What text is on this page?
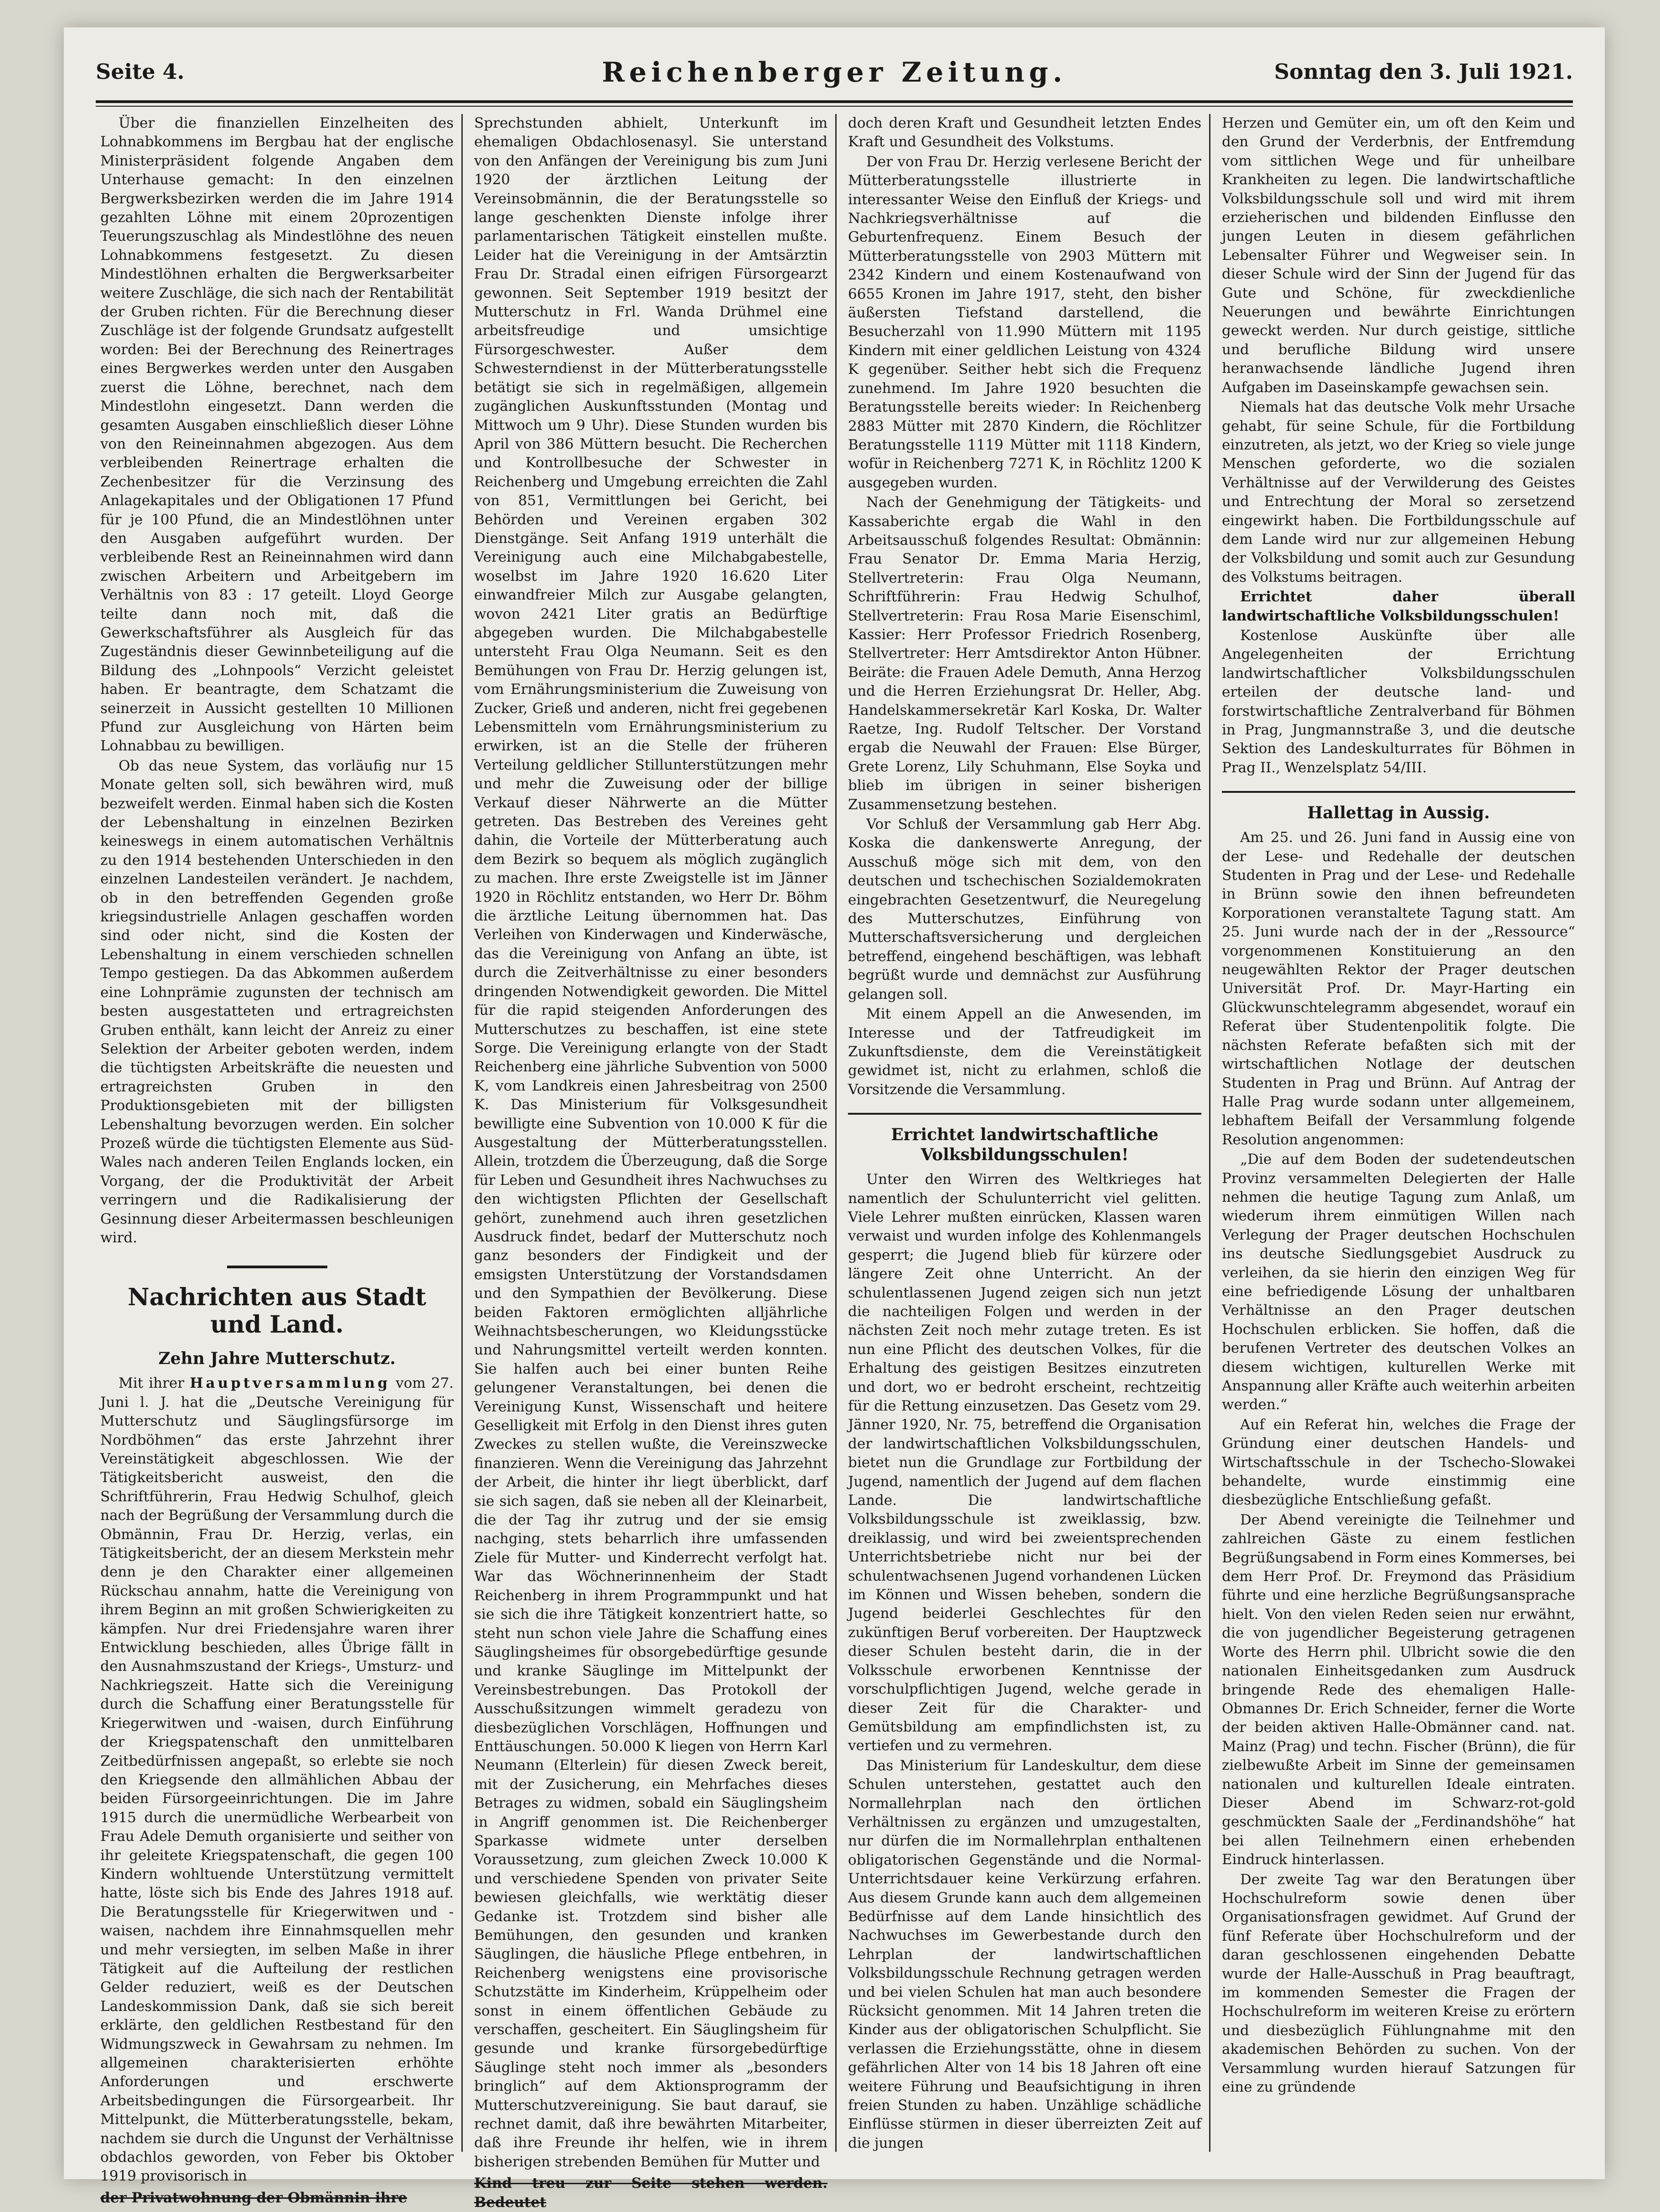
Seite 4.	Reichenberger Zeitung.	Sonntag den 3. Juli 1921.

Über die finanziellen Einzelheiten des Lohnabkommens im Bergbau hat der englische Ministerpräsident folgende Angaben dem Unterhause gemacht: In den einzelnen Bergwerksbezirken werden die im Jahre 1914 gezahlten Löhne mit einem 20prozentigen Teuerungszuschlag als Mindestlöhne des neuen Lohnabkommens festgesetzt. Zu diesen Mindestlöhnen erhalten die Bergwerksarbeiter weitere Zuschläge, die sich nach der Rentabilität der Gruben richten. Für die Berechnung dieser Zuschläge ist der folgende Grundsatz aufgestellt worden: Bei der Berechnung des Reinertrages eines Bergwerkes werden unter den Ausgaben zuerst die Löhne, berechnet, nach dem Mindestlohn eingesetzt. Dann werden die gesamten Ausgaben einschließlich dieser Löhne von den Reineinnahmen abgezogen. Aus dem verbleibenden Reinertrage erhalten die Zechenbesitzer für die Verzinsung des Anlagekapitales und der Obligationen 17 Pfund für je 100 Pfund, die an Mindestlöhnen unter den Ausgaben aufgeführt wurden. Der verbleibende Rest an Reineinnahmen wird dann zwischen Arbeitern und Arbeitgebern im Verhältnis von 83 : 17 geteilt. Lloyd George teilte dann noch mit, daß die Gewerkschaftsführer als Ausgleich für das Zugeständnis dieser Gewinnbeteiligung auf die Bildung des „Lohnpools“ Verzicht geleistet haben. Er beantragte, dem Schatzamt die seinerzeit in Aussicht gestellten 10 Millionen Pfund zur Ausgleichung von Härten beim Lohnabbau zu bewilligen.

Ob das neue System, das vorläufig nur 15 Monate gelten soll, sich bewähren wird, muß bezweifelt werden. Einmal haben sich die Kosten der Lebenshaltung in einzelnen Bezirken keineswegs in einem automatischen Verhältnis zu den 1914 bestehenden Unterschieden in den einzelnen Landesteilen verändert. Je nachdem, ob in den betreffenden Gegenden große kriegsindustrielle Anlagen geschaffen worden sind oder nicht, sind die Kosten der Lebenshaltung in einem verschieden schnellen Tempo gestiegen. Da das Abkommen außerdem eine Lohnprämie zugunsten der technisch am besten ausgestatteten und ertragreichsten Gruben enthält, kann leicht der Anreiz zu einer Selektion der Arbeiter geboten werden, indem die tüchtigsten Arbeitskräfte die neuesten und ertragreichsten Gruben in den Produktionsgebieten mit der billigsten Lebenshaltung bevorzugen werden. Ein solcher Prozeß würde die tüchtigsten Elemente aus Süd-Wales nach anderen Teilen Englands locken, ein Vorgang, der die Produktivität der Arbeit verringern und die Radikalisierung der Gesinnung dieser Arbeitermassen beschleunigen wird.

Nachrichten aus Stadt und Land.
Zehn Jahre Mutterschutz.

Mit ihrer Hauptversammlung vom 27. Juni l. J. hat die „Deutsche Vereinigung für Mutterschutz und Säuglingsfürsorge im Nordböhmen“ das erste Jahrzehnt ihrer Vereinstätigkeit abgeschlossen. Wie der Tätigkeitsbericht ausweist, den die Schriftführerin, Frau Hedwig Schulhof, gleich nach der Begrüßung der Versammlung durch die Obmännin, Frau Dr. Herzig, verlas, ein Tätigkeitsbericht, der an diesem Merkstein mehr denn je den Charakter einer allgemeinen Rückschau annahm, hatte die Vereinigung von ihrem Beginn an mit großen Schwierigkeiten zu kämpfen. Nur drei Friedensjahre waren ihrer Entwicklung beschieden, alles Übrige fällt in den Ausnahmszustand der Kriegs-, Umsturz- und Nachkriegszeit. Hatte sich die Vereinigung durch die Schaffung einer Beratungsstelle für Kriegerwitwen und -waisen, durch Einführung der Kriegspatenschaft den unmittelbaren Zeitbedürfnissen angepaßt, so erlebte sie noch den Kriegsende den allmählichen Abbau der beiden Fürsorgeeinrichtungen. Die im Jahre 1915 durch die unermüdliche Werbearbeit von Frau Adele Demuth organisierte und seither von ihr geleitete Kriegspatenschaft, die gegen 100 Kindern wohltuende Unterstützung vermittelt hatte, löste sich bis Ende des Jahres 1918 auf. Die Beratungsstelle für Kriegerwitwen und -waisen, nachdem ihre Einnahmsquellen mehr und mehr versiegten, im selben Maße in ihrer Tätigkeit auf die Aufteilung der restlichen Gelder reduziert, weiß es der Deutschen Landeskommission Dank, daß sie sich bereit erklärte, den geldlichen Restbestand für den Widmungszweck in Gewahrsam zu nehmen. Im allgemeinen charakterisierten erhöhte Anforderungen und erschwerte Arbeitsbedingungen die Fürsorgearbeit. Ihr Mittelpunkt, die Mütterberatungsstelle, bekam, nachdem sie durch die Ungunst der Verhältnisse obdachlos geworden, von Feber bis Oktober 1919 provisorisch in

der Privatwohnung der Obmännin ihre

Sprechstunden abhielt, Unterkunft im ehemaligen Obdachlosenasyl. Sie unterstand von den Anfängen der Vereinigung bis zum Juni 1920 der ärztlichen Leitung der Vereinsobmännin, die der Beratungsstelle so lange geschenkten Dienste infolge ihrer parlamentarischen Tätigkeit einstellen mußte. Leider hat die Vereinigung in der Amtsärztin Frau Dr. Stradal einen eifrigen Fürsorgearzt gewonnen. Seit September 1919 besitzt der Mutterschutz in Frl. Wanda Drühmel eine arbeitsfreudige und umsichtige Fürsorgeschwester. Außer dem Schwesterndienst in der Mütterberatungsstelle betätigt sie sich in regelmäßigen, allgemein zugänglichen Auskunftsstunden (Montag und Mittwoch um 9 Uhr). Diese Stunden wurden bis April von 386 Müttern besucht. Die Recherchen und Kontrollbesuche der Schwester in Reichenberg und Umgebung erreichten die Zahl von 851, Vermittlungen bei Gericht, bei Behörden und Vereinen ergaben 302 Dienstgänge. Seit Anfang 1919 unterhält die Vereinigung auch eine Milchabgabestelle, woselbst im Jahre 1920 16.620 Liter einwandfreier Milch zur Ausgabe gelangten, wovon 2421 Liter gratis an Bedürftige abgegeben wurden. Die Milchabgabestelle untersteht Frau Olga Neumann. Seit es den Bemühungen von Frau Dr. Herzig gelungen ist, vom Ernährungsministerium die Zuweisung von Zucker, Grieß und anderen, nicht frei gegebenen Lebensmitteln vom Ernährungsministerium zu erwirken, ist an die Stelle der früheren Verteilung geldlicher Stillunterstützungen mehr und mehr die Zuweisung oder der billige Verkauf dieser Nährwerte an die Mütter getreten. Das Bestreben des Vereines geht dahin, die Vorteile der Mütterberatung auch dem Bezirk so bequem als möglich zugänglich zu machen. Ihre erste Zweigstelle ist im Jänner 1920 in Röchlitz entstanden, wo Herr Dr. Böhm die ärztliche Leitung übernommen hat. Das Verleihen von Kinderwagen und Kinderwäsche, das die Vereinigung von Anfang an übte, ist durch die Zeitverhältnisse zu einer besonders dringenden Notwendigkeit geworden. Die Mittel für die rapid steigenden Anforderungen des Mutterschutzes zu beschaffen, ist eine stete Sorge. Die Vereinigung erlangte von der Stadt Reichenberg eine jährliche Subvention von 5000 K, vom Landkreis einen Jahresbeitrag von 2500 K. Das Ministerium für Volksgesundheit bewilligte eine Subvention von 10.000 K für die Ausgestaltung der Mütterberatungsstellen. Allein, trotzdem die Überzeugung, daß die Sorge für Leben und Gesundheit ihres Nachwuchses zu den wichtigsten Pflichten der Gesellschaft gehört, zunehmend auch ihren gesetzlichen Ausdruck findet, bedarf der Mutterschutz noch ganz besonders der Findigkeit und der emsigsten Unterstützung der Vorstandsdamen und den Sympathien der Bevölkerung. Diese beiden Faktoren ermöglichten alljährliche Weihnachtsbescherungen, wo Kleidungsstücke und Nahrungsmittel verteilt werden konnten. Sie halfen auch bei einer bunten Reihe gelungener Veranstaltungen, bei denen die Vereinigung Kunst, Wissenschaft und heitere Geselligkeit mit Erfolg in den Dienst ihres guten Zweckes zu stellen wußte, die Vereinszwecke finanzieren. Wenn die Vereinigung das Jahrzehnt der Arbeit, die hinter ihr liegt überblickt, darf sie sich sagen, daß sie neben all der Kleinarbeit, die der Tag ihr zutrug und der sie emsig nachging, stets beharrlich ihre umfassenden Ziele für Mutter- und Kinderrecht verfolgt hat. War das Wöchnerinnenheim der Stadt Reichenberg in ihrem Programmpunkt und hat sie sich die ihre Tätigkeit konzentriert hatte, so steht nun schon viele Jahre die Schaffung eines Säuglingsheimes für obsorgebedürftige gesunde und kranke Säuglinge im Mittelpunkt der Vereinsbestrebungen. Das Protokoll der Ausschußsitzungen wimmelt geradezu von diesbezüglichen Vorschlägen, Hoffnungen und Enttäuschungen. 50.000 K liegen von Herrn Karl Neumann (Elterlein) für diesen Zweck bereit, mit der Zusicherung, ein Mehrfaches dieses Betrages zu widmen, sobald ein Säuglingsheim in Angriff genommen ist. Die Reichenberger Sparkasse widmete unter derselben Voraussetzung, zum gleichen Zweck 10.000 K und verschiedene Spenden von privater Seite bewiesen gleichfalls, wie werktätig dieser Gedanke ist. Trotzdem sind bisher alle Bemühungen, den gesunden und kranken Säuglingen, die häusliche Pflege entbehren, in Reichenberg wenigstens eine provisorische Schutzstätte im Kinderheim, Krüppelheim oder sonst in einem öffentlichen Gebäude zu verschaffen, gescheitert. Ein Säuglingsheim für gesunde und kranke fürsorgebedürftige Säuglinge steht noch immer als „besonders bringlich“ auf dem Aktionsprogramm der Mutterschutzvereinigung. Sie baut darauf, sie rechnet damit, daß ihre bewährten Mitarbeiter, daß ihre Freunde ihr helfen, wie in ihrem bisherigen strebenden Bemühen für Mutter und

Kind treu zur Seite stehen werden. Bedeutet

doch deren Kraft und Gesundheit letzten Endes Kraft und Gesundheit des Volkstums.

Der von Frau Dr. Herzig verlesene Bericht der Mütterberatungsstelle illustrierte in interessanter Weise den Einfluß der Kriegs- und Nachkriegsverhältnisse auf die Geburtenfrequenz. Einem Besuch der Mütterberatungsstelle von 2903 Müttern mit 2342 Kindern und einem Kostenaufwand von 6655 Kronen im Jahre 1917, steht, den bisher äußersten Tiefstand darstellend, die Besucherzahl von 11.990 Müttern mit 1195 Kindern mit einer geldlichen Leistung von 4324 K gegenüber. Seither hebt sich die Frequenz zunehmend. Im Jahre 1920 besuchten die Beratungsstelle bereits wieder: In Reichenberg 2883 Mütter mit 2870 Kindern, die Röchlitzer Beratungsstelle 1119 Mütter mit 1118 Kindern, wofür in Reichenberg 7271 K, in Röchlitz 1200 K ausgegeben wurden.

Nach der Genehmigung der Tätigkeits- und Kassaberichte ergab die Wahl in den Arbeitsausschuß folgendes Resultat: Obmännin: Frau Senator Dr. Emma Maria Herzig, Stellvertreterin: Frau Olga Neumann, Schriftführerin: Frau Hedwig Schulhof, Stellvertreterin: Frau Rosa Marie Eisenschiml, Kassier: Herr Professor Friedrich Rosenberg, Stellvertreter: Herr Amtsdirektor Anton Hübner. Beiräte: die Frauen Adele Demuth, Anna Herzog und die Herren Erziehungsrat Dr. Heller, Abg. Handelskammersekretär Karl Koska, Dr. Walter Raetze, Ing. Rudolf Teltscher. Der Vorstand ergab die Neuwahl der Frauen: Else Bürger, Grete Lorenz, Lily Schuhmann, Else Soyka und blieb im übrigen in seiner bisherigen Zusammensetzung bestehen.

Vor Schluß der Versammlung gab Herr Abg. Koska die dankenswerte Anregung, der Ausschuß möge sich mit dem, von den deutschen und tschechischen Sozialdemokraten eingebrachten Gesetzentwurf, die Neuregelung des Mutterschutzes, Einführung von Mutterschaftsversicherung und dergleichen betreffend, eingehend beschäftigen, was lebhaft begrüßt wurde und demnächst zur Ausführung gelangen soll.

Mit einem Appell an die Anwesenden, im Interesse und der Tatfreudigkeit im Zukunftsdienste, dem die Vereinstätigkeit gewidmet ist, nicht zu erlahmen, schloß die Vorsitzende die Versammlung.

Errichtet landwirtschaftliche Volksbildungsschulen!

Unter den Wirren des Weltkrieges hat namentlich der Schulunterricht viel gelitten. Viele Lehrer mußten einrücken, Klassen waren verwaist und wurden infolge des Kohlenmangels gesperrt; die Jugend blieb für kürzere oder längere Zeit ohne Unterricht. An der schulentlassenen Jugend zeigen sich nun jetzt die nachteiligen Folgen und werden in der nächsten Zeit noch mehr zutage treten. Es ist nun eine Pflicht des deutschen Volkes, für die Erhaltung des geistigen Besitzes einzutreten und dort, wo er bedroht erscheint, rechtzeitig für die Rettung einzusetzen. Das Gesetz vom 29. Jänner 1920, Nr. 75, betreffend die Organisation der landwirtschaftlichen Volksbildungsschulen, bietet nun die Grundlage zur Fortbildung der Jugend, namentlich der Jugend auf dem flachen Lande. Die landwirtschaftliche Volksbildungsschule ist zweiklassig, bzw. dreiklassig, und wird bei zweientsprechenden Unterrichtsbetriebe nicht nur bei der schulentwachsenen Jugend vorhandenen Lücken im Können und Wissen beheben, sondern die Jugend beiderlei Geschlechtes für den zukünftigen Beruf vorbereiten. Der Hauptzweck dieser Schulen besteht darin, die in der Volksschule erworbenen Kenntnisse der vorschulpflichtigen Jugend, welche gerade in dieser Zeit für die Charakter- und Gemütsbildung am empfindlichsten ist, zu vertiefen und zu vermehren.

Das Ministerium für Landeskultur, dem diese Schulen unterstehen, gestattet auch den Normallehrplan nach den örtlichen Verhältnissen zu ergänzen und umzugestalten, nur dürfen die im Normallehrplan enthaltenen obligatorischen Gegenstände und die Normal-Unterrichtsdauer keine Verkürzung erfahren. Aus diesem Grunde kann auch dem allgemeinen Bedürfnisse auf dem Lande hinsichtlich des Nachwuchses im Gewerbestande durch den Lehrplan der landwirtschaftlichen Volksbildungsschule Rechnung getragen werden und bei vielen Schulen hat man auch besondere Rücksicht genommen. Mit 14 Jahren treten die Kinder aus der obligatorischen Schulpflicht. Sie verlassen die Erziehungsstätte, ohne in diesem gefährlichen Alter von 14 bis 18 Jahren oft eine weitere Führung und Beaufsichtigung in ihren freien Stunden zu haben. Unzählige schädliche Einflüsse stürmen in dieser überreizten Zeit auf die jungen

Herzen und Gemüter ein, um oft den Keim und den Grund der Verderbnis, der Entfremdung vom sittlichen Wege und für unheilbare Krankheiten zu legen. Die landwirtschaftliche Volksbildungsschule soll und wird mit ihrem erzieherischen und bildenden Einflusse den jungen Leuten in diesem gefährlichen Lebensalter Führer und Wegweiser sein. In dieser Schule wird der Sinn der Jugend für das Gute und Schöne, für zweckdienliche Neuerungen und bewährte Einrichtungen geweckt werden. Nur durch geistige, sittliche und berufliche Bildung wird unsere heranwachsende ländliche Jugend ihren Aufgaben im Daseinskampfe gewachsen sein.

Niemals hat das deutsche Volk mehr Ursache gehabt, für seine Schule, für die Fortbildung einzutreten, als jetzt, wo der Krieg so viele junge Menschen geforderte, wo die sozialen Verhältnisse auf der Verwilderung des Geistes und Entrechtung der Moral so zersetzend eingewirkt haben. Die Fortbildungsschule auf dem Lande wird nur zur allgemeinen Hebung der Volksbildung und somit auch zur Gesundung des Volkstums beitragen.

Errichtet daher überall landwirtschaftliche Volksbildungsschulen!

Kostenlose Auskünfte über alle Angelegenheiten der Errichtung landwirtschaftlicher Volksbildungsschulen erteilen der deutsche land- und forstwirtschaftliche Zentralverband für Böhmen in Prag, Jungmannstraße 3, und die deutsche Sektion des Landeskulturrates für Böhmen in Prag II., Wenzelsplatz 54/III.

Hallettag in Aussig.

Am 25. und 26. Juni fand in Aussig eine von der Lese- und Redehalle der deutschen Studenten in Prag und der Lese- und Redehalle in Brünn sowie den ihnen befreundeten Korporationen veranstaltete Tagung statt. Am 25. Juni wurde nach der in der „Ressource“ vorgenommenen Konstituierung an den neugewählten Rektor der Prager deutschen Universität Prof. Dr. Mayr-Harting ein Glückwunschtelegramm abgesendet, worauf ein Referat über Studentenpolitik folgte. Die nächsten Referate befaßten sich mit der wirtschaftlichen Notlage der deutschen Studenten in Prag und Brünn. Auf Antrag der Halle Prag wurde sodann unter allgemeinem, lebhaftem Beifall der Versammlung folgende Resolution angenommen:

„Die auf dem Boden der sudetendeutschen Provinz versammelten Delegierten der Halle nehmen die heutige Tagung zum Anlaß, um wiederum ihrem einmütigen Willen nach Verlegung der Prager deutschen Hochschulen ins deutsche Siedlungsgebiet Ausdruck zu verleihen, da sie hierin den einzigen Weg für eine befriedigende Lösung der unhaltbaren Verhältnisse an den Prager deutschen Hochschulen erblicken. Sie hoffen, daß die berufenen Vertreter des deutschen Volkes an diesem wichtigen, kulturellen Werke mit Anspannung aller Kräfte auch weiterhin arbeiten werden.“

Auf ein Referat hin, welches die Frage der Gründung einer deutschen Handels- und Wirtschaftsschule in der Tschecho-Slowakei behandelte, wurde einstimmig eine diesbezügliche Entschließung gefaßt.

Der Abend vereinigte die Teilnehmer und zahlreichen Gäste zu einem festlichen Begrüßungsabend in Form eines Kommerses, bei dem Herr Prof. Dr. Freymond das Präsidium führte und eine herzliche Begrüßungsansprache hielt. Von den vielen Reden seien nur erwähnt, die von jugendlicher Begeisterung getragenen Worte des Herrn phil. Ulbricht sowie die den nationalen Einheitsgedanken zum Ausdruck bringende Rede des ehemaligen Halle-Obmannes Dr. Erich Schneider, ferner die Worte der beiden aktiven Halle-Obmänner cand. nat. Mainz (Prag) und techn. Fischer (Brünn), die für zielbewußte Arbeit im Sinne der gemeinsamen nationalen und kulturellen Ideale eintraten. Dieser Abend im Schwarz-rot-gold geschmückten Saale der „Ferdinandshöhe“ hat bei allen Teilnehmern einen erhebenden Eindruck hinterlassen.

Der zweite Tag war den Beratungen über Hochschulreform sowie denen über Organisationsfragen gewidmet. Auf Grund der fünf Referate über Hochschulreform und der daran geschlossenen eingehenden Debatte wurde der Halle-Ausschuß in Prag beauftragt, im kommenden Semester die Fragen der Hochschulreform im weiteren Kreise zu erörtern und diesbezüglich Fühlungnahme mit den akademischen Behörden zu suchen. Von der Versammlung wurden hierauf Satzungen für eine zu gründende
